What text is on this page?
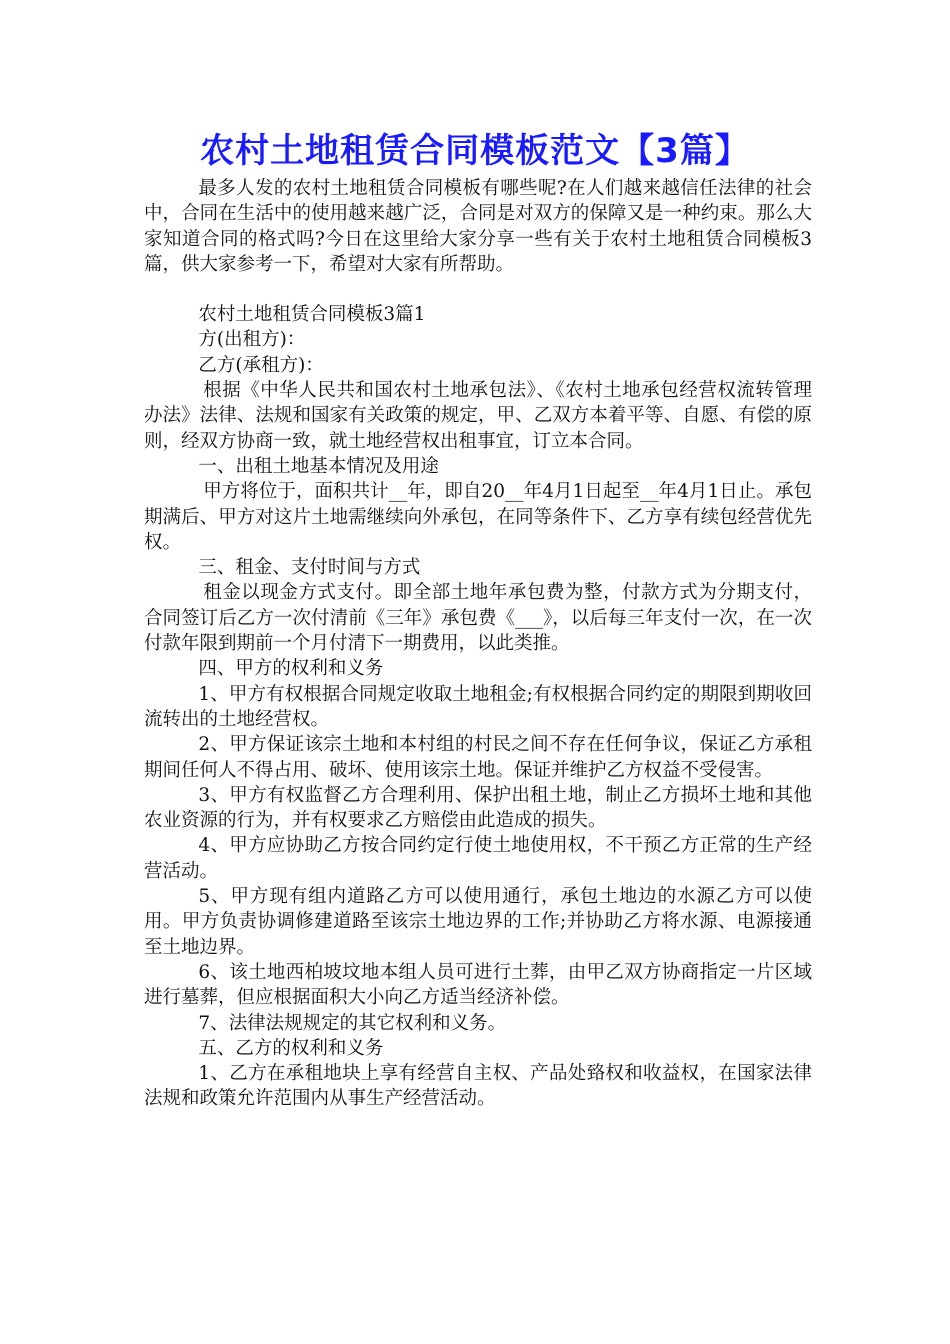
农村土地租赁合同模板范文【3篇】

最多人发的农村土地租赁合同模板有哪些呢?在人们越来越信任法律的社会中，合同在生活中的使用越来越广泛，合同是对双方的保障又是一种约束。那么大家知道合同的格式吗?今日在这里给大家分享一些有关于农村土地租赁合同模板3篇，供大家参考一下，希望对大家有所帮助。

农村土地租赁合同模板3篇1

方(出租方)：

乙方(承租方)：

根据《中华人民共和国农村土地承包法》、《农村土地承包经营权流转管理办法》法律、法规和国家有关政策的规定，甲、乙双方本着平等、自愿、有偿的原则，经双方协商一致，就土地经营权出租事宜，订立本合同。

一、出租土地基本情况及用途

甲方将位于，面积共计__年，即自20__年4月1日起至__年4月1日止。承包期满后、甲方对这片土地需继续向外承包，在同等条件下、乙方享有续包经营优先权。

三、租金、支付时间与方式

租金以现金方式支付。即全部土地年承包费为整，付款方式为分期支付，合同签订后乙方一次付清前《三年》承包费《___》，以后每三年支付一次，在一次付款年限到期前一个月付清下一期费用，以此类推。

四、甲方的权利和义务

1、甲方有权根据合同规定收取土地租金;有权根据合同约定的期限到期收回流转出的土地经营权。

2、甲方保证该宗土地和本村组的村民之间不存在任何争议，保证乙方承租期间任何人不得占用、破坏、使用该宗土地。保证并维护乙方权益不受侵害。

3、甲方有权监督乙方合理利用、保护出租土地，制止乙方损坏土地和其他农业资源的行为，并有权要求乙方赔偿由此造成的损失。

4、甲方应协助乙方按合同约定行使土地使用权，不干预乙方正常的生产经营活动。

5、甲方现有组内道路乙方可以使用通行，承包土地边的水源乙方可以使用。甲方负责协调修建道路至该宗土地边界的工作;并协助乙方将水源、电源接通至土地边界。

6、该土地西柏坡坟地本组人员可进行土葬，由甲乙双方协商指定一片区域进行墓葬，但应根据面积大小向乙方适当经济补偿。

7、法律法规规定的其它权利和义务。

五、乙方的权利和义务

1、乙方在承租地块上享有经营自主权、产品处臵权和收益权，在国家法律法规和政策允许范围内从事生产经营活动。
